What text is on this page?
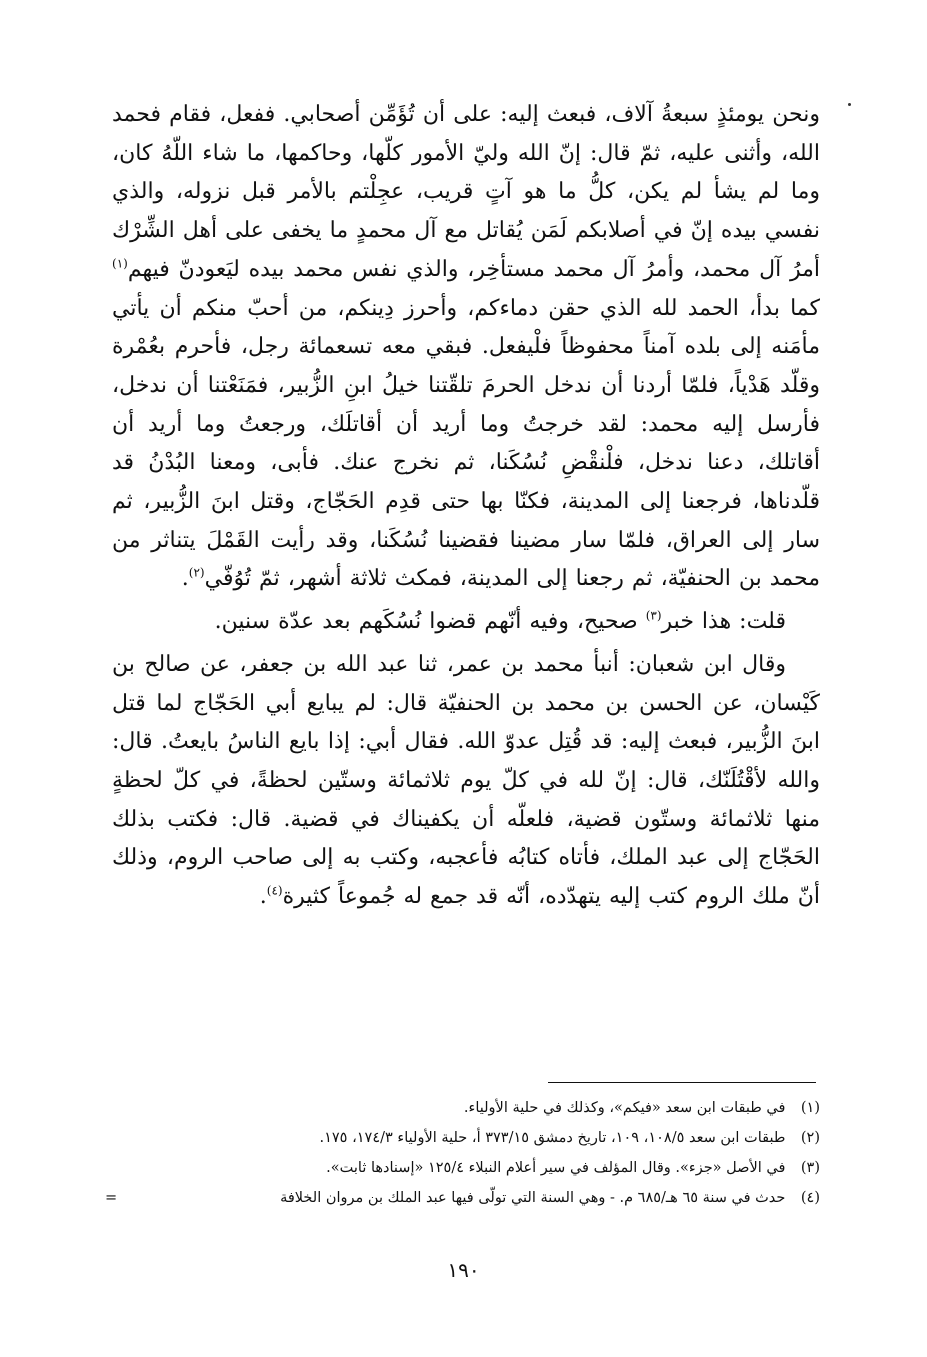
ونحن يومئذٍ سبعةُ آلاف، فبعث إليه: على أن تُؤَمِّن أصحابي. ففعل، فقام فحمد الله، وأثنى عليه، ثمّ قال: إنّ الله وليّ الأمور كلّها، وحاكمها، ما شاء اللّهُ كان، وما لم يشأ لم يكن، كلُّ ما هو آتٍ قريب، عجِلْتم بالأمر قبل نزوله، والذي نفسي بيده إنّ في أصلابكم لَمَن يُقاتل مع آل محمدٍ ما يخفى على أهل الشِّرْك أمرُ آل محمد، وأمرُ آل محمد مستأخِر، والذي نفس محمد بيده ليَعودنّ فيهم$^{(١)}$ كما بدأ، الحمد لله الذي حقن دماءكم، وأحرز دِينكم، من أحبّ منكم أن يأتي مأمَنه إلى بلده آمناً محفوظاً فلْيفعل. فبقي معه تسعمائة رجل، فأحرم بعُمْرة وقلّد هَدْياً، فلمّا أردنا أن ندخل الحرمَ تلقّتنا خيلُ ابنِ الزُّبير، فمَنَعْتنا أن ندخل، فأرسل إليه محمد: لقد خرجتُ وما أريد أن أقاتلَك، ورجعتُ وما أريد أن أقاتلك، دعنا ندخل، فلْنقْضِ نُسُكَنا، ثم نخرج عنك. فأبى، ومعنا البُدْنُ قد قلّدناها، فرجعنا إلى المدينة، فكنّا بها حتى قدِم الحَجّاج، وقتل ابنَ الزُّبير، ثم سار إلى العراق، فلمّا سار مضينا فقضينا نُسُكَنا، وقد رأيت القَمْلَ يتناثر من محمد بن الحنفيّة، ثم رجعنا إلى المدينة، فمكث ثلاثة أشهر، ثمّ تُوُفّي$^{(٢)}$.

قلت: هذا خبر$^{(٣)}$ صحيح، وفيه أنّهم قضوا نُسُكَهم بعد عدّة سنين.

وقال ابن شعبان: أنبأ محمد بن عمر، ثنا عبد الله بن جعفر، عن صالح بن كَيْسان، عن الحسن بن محمد بن الحنفيّة قال: لم يبايع أبي الحَجّاج لما قتل ابنَ الزُّبير، فبعث إليه: قد قُتِل عدوّ الله. فقال أبي: إذا بايع الناسُ بايعتُ. قال: والله لأقْتُلَنّك، قال: إنّ لله في كلّ يوم ثلاثمائة وستّين لحظةً، في كلّ لحظةٍ منها ثلاثمائة وستّون قضية، فلعلّه أن يكفيناك في قضية. قال: فكتب بذلك الحَجّاج إلى عبد الملك، فأتاه كتابُه فأعجبه، وكتب به إلى صاحب الروم، وذلك أنّ ملك الروم كتب إليه يتهدّده، أنّه قد جمع له جُموعاً كثيرة$^{(٤)}$.

(١) في طبقات ابن سعد «فيكم»، وكذلك في حلية الأولياء.
(٢) طبقات ابن سعد ١٠٨/٥، ١٠٩، تاريخ دمشق ٣٧٣/١٥ أ، حلية الأولياء ١٧٤/٣، ١٧٥.
(٣) في الأصل «جزء». وقال المؤلف في سير أعلام النبلاء ١٢٥/٤ «إسنادها ثابت».
(٤) حدث في سنة ٦٥ هـ/٦٨٥ م. - وهي السنة التي تولّى فيها عبد الملك بن مروان الخلافة
=
١٩٠
